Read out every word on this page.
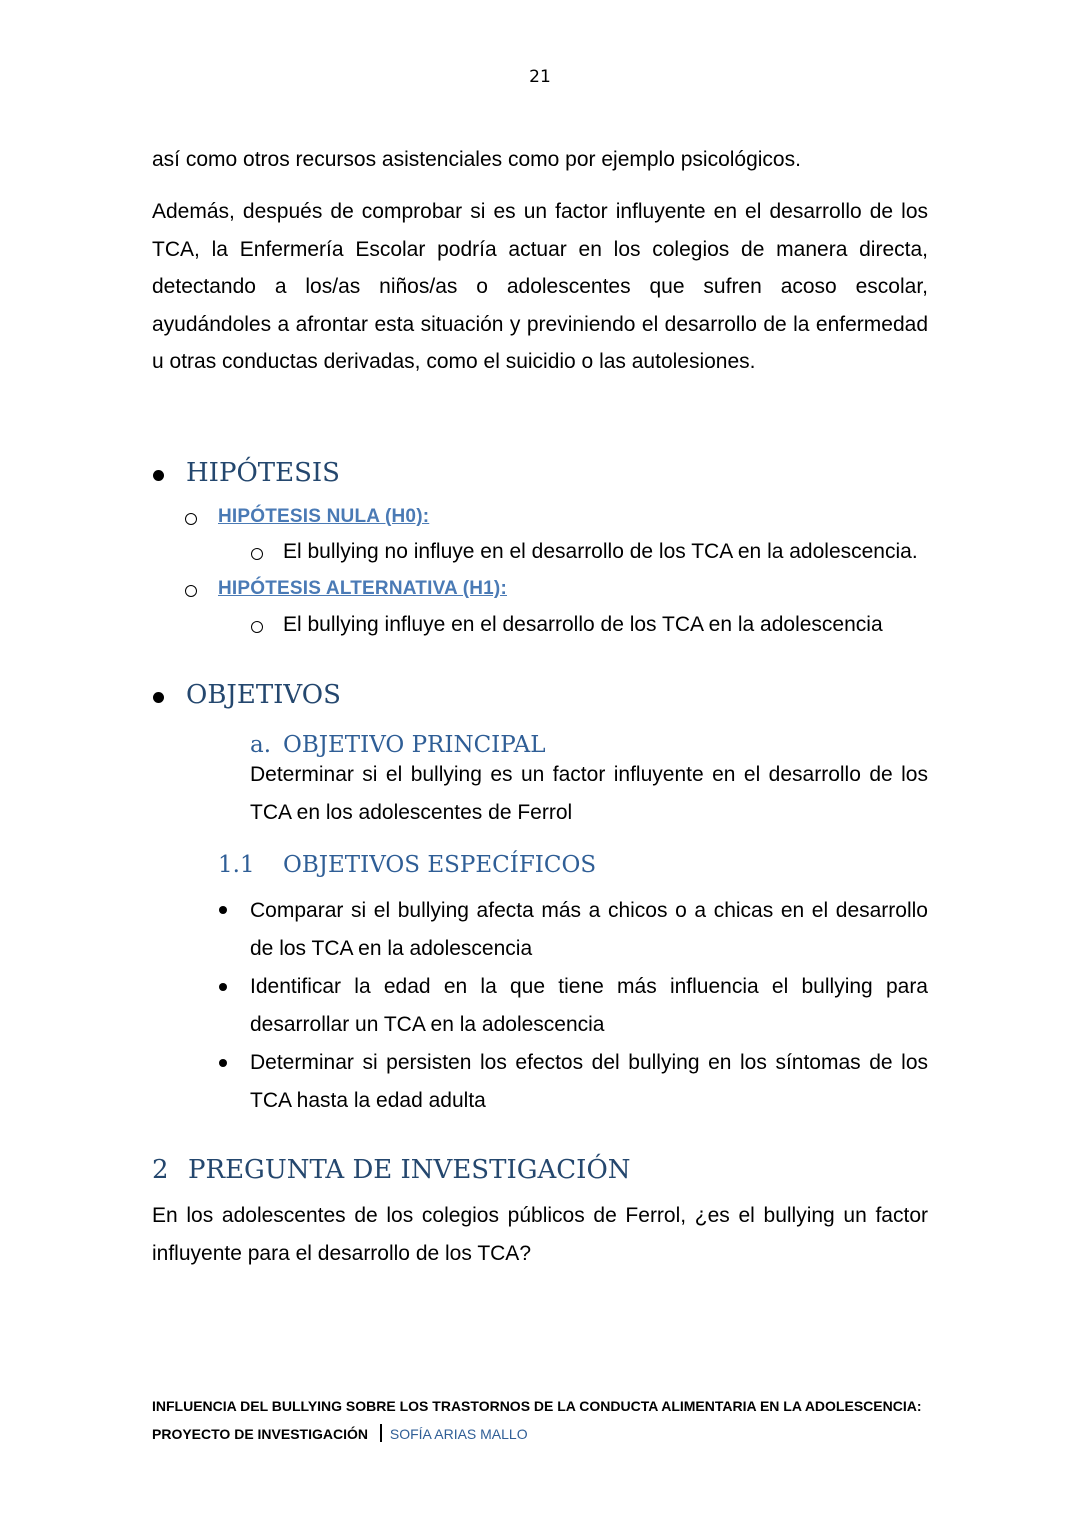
21
así como otros recursos asistenciales como por ejemplo psicológicos.
Además, después de comprobar si es un factor influyente en el desarrollo de los TCA, la Enfermería Escolar podría actuar en los colegios de manera directa, detectando a los/as niños/as o adolescentes que sufren acoso escolar, ayudándoles a afrontar esta situación y previniendo el desarrollo de la enfermedad u otras conductas derivadas, como el suicidio o las autolesiones.
HIPÓTESIS
HIPÓTESIS NULA (H0):
El bullying no influye en el desarrollo de los TCA en la adolescencia.
HIPÓTESIS ALTERNATIVA (H1):
El bullying influye en el desarrollo de los TCA en la adolescencia
OBJETIVOS
a. OBJETIVO PRINCIPAL
Determinar si el bullying es un factor influyente en el desarrollo de los TCA en los adolescentes de Ferrol
1.1 OBJETIVOS ESPECÍFICOS
Comparar si el bullying afecta más a chicos o a chicas en el desarrollo de los TCA en la adolescencia
Identificar la edad en la que tiene más influencia el bullying para desarrollar un TCA en la adolescencia
Determinar si persisten los efectos del bullying en los síntomas de los TCA hasta la edad adulta
2 PREGUNTA DE INVESTIGACIÓN
En los adolescentes de los colegios públicos de Ferrol, ¿es el bullying un factor influyente para el desarrollo de los TCA?
INFLUENCIA DEL BULLYING SOBRE LOS TRASTORNOS DE LA CONDUCTA ALIMENTARIA EN LA ADOLESCENCIA:
PROYECTO DE INVESTIGACIÓN SOFÍA ARIAS MALLO
